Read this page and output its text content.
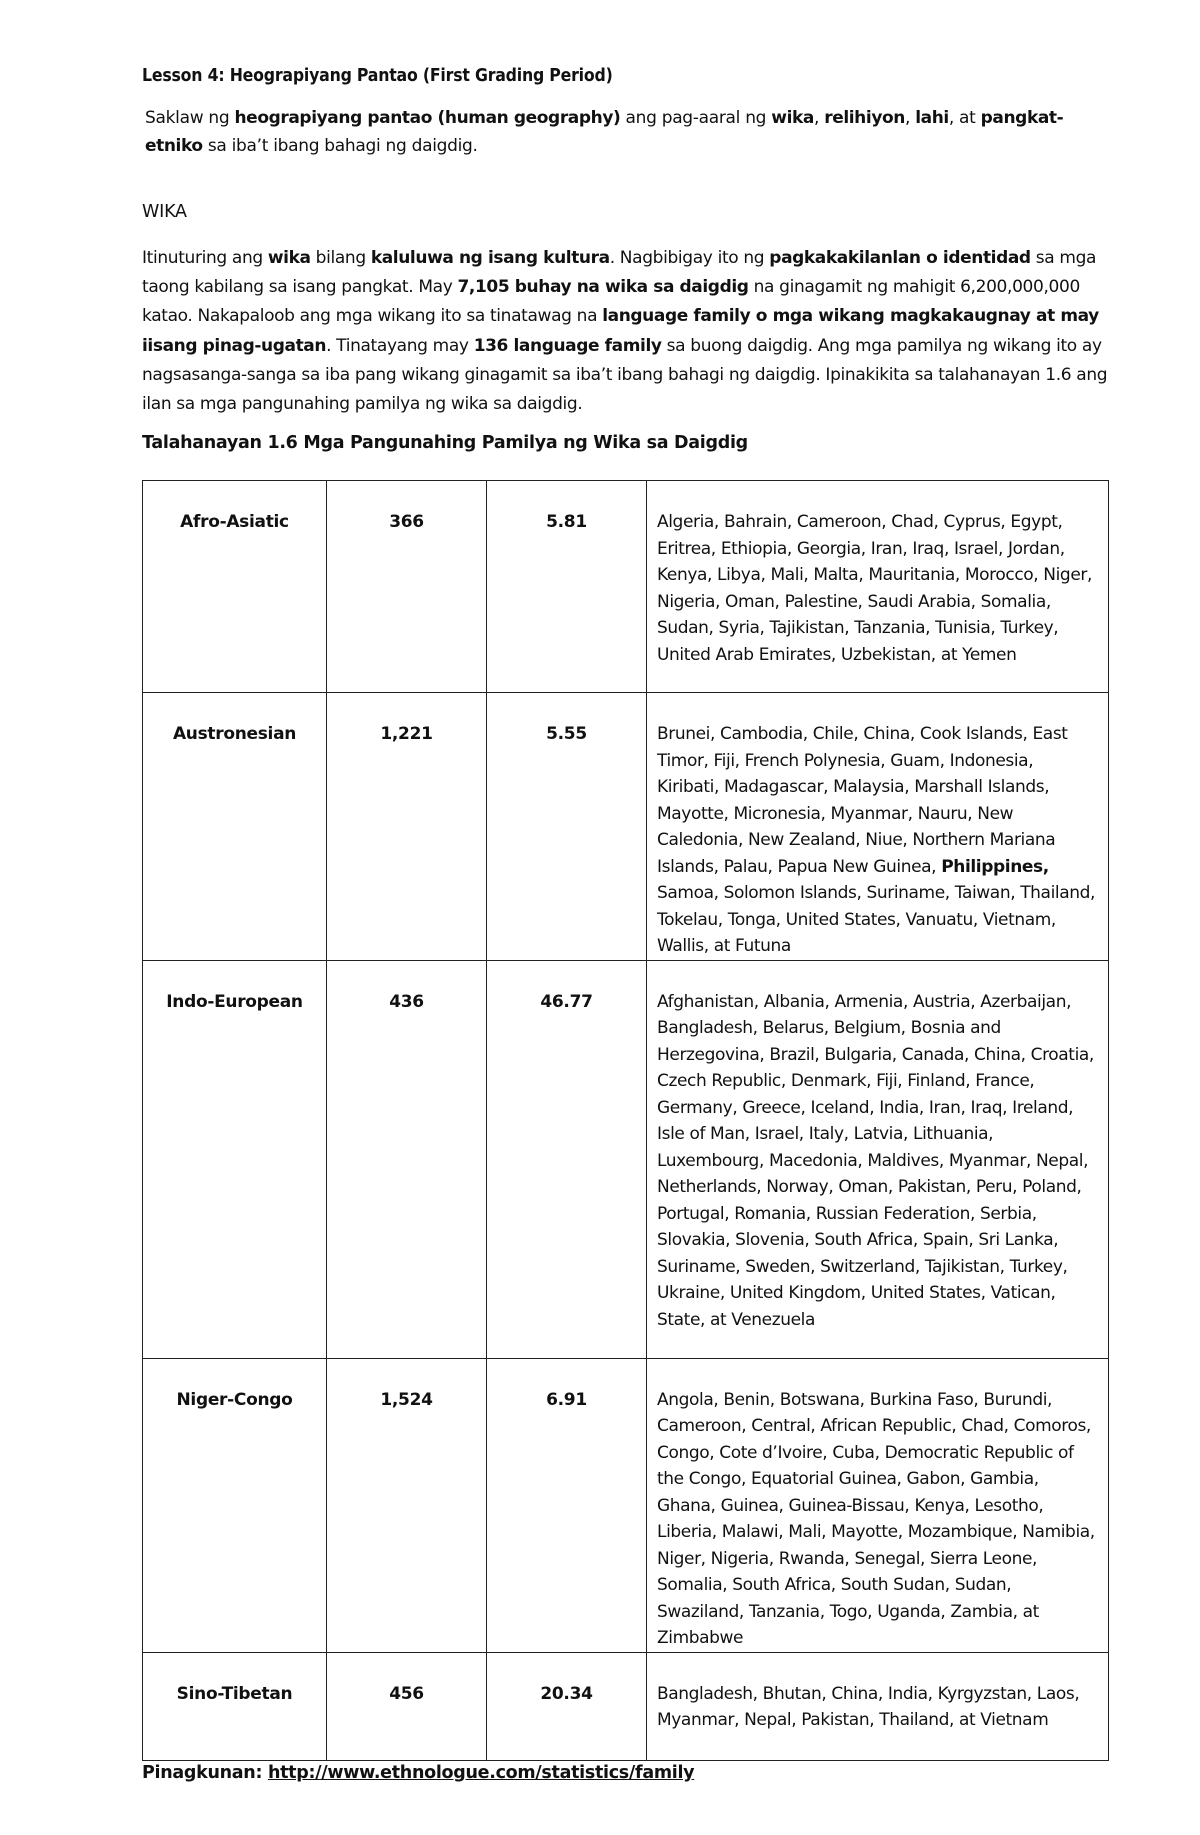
Lesson 4: Heograpiyang Pantao (First Grading Period)

Saklaw ng heograpiyang pantao (human geography) ang pag-aaral ng wika, relihiyon, lahi, at pangkat- etniko sa iba’t ibang bahagi ng daigdig.

WIKA

Itinuturing ang wika bilang kaluluwa ng isang kultura. Nagbibigay ito ng pagkakakilanlan o identidad sa mga taong kabilang sa isang pangkat. May 7,105 buhay na wika sa daigdig na ginagamit ng mahigit 6,200,000,000 katao. Nakapaloob ang mga wikang ito sa tinatawag na language family o mga wikang magkakaugnay at may iisang pinag-ugatan. Tinatayang may 136 language family sa buong daigdig. Ang mga pamilya ng wikang ito ay nagsasanga-sanga sa iba pang wikang ginagamit sa iba’t ibang bahagi ng daigdig. Ipinakikita sa talahanayan 1.6 ang ilan sa mga pangunahing pamilya ng wika sa daigdig.

Talahanayan 1.6 Mga Pangunahing Pamilya ng Wika sa Daigdig

Afro-Asiatic	366	5.81	Algeria, Bahrain, Cameroon, Chad, Cyprus, Egypt, Eritrea, Ethiopia, Georgia, Iran, Iraq, Israel, Jordan, Kenya, Libya, Mali, Malta, Mauritania, Morocco, Niger, Nigeria, Oman, Palestine, Saudi Arabia, Somalia, Sudan, Syria, Tajikistan, Tanzania, Tunisia, Turkey, United Arab Emirates, Uzbekistan, at Yemen
Austronesian	1,221	5.55	Brunei, Cambodia, Chile, China, Cook Islands, East Timor, Fiji, French Polynesia, Guam, Indonesia, Kiribati, Madagascar, Malaysia, Marshall Islands, Mayotte, Micronesia, Myanmar, Nauru, New Caledonia, New Zealand, Niue, Northern Mariana Islands, Palau, Papua New Guinea, Philippines, Samoa, Solomon Islands, Suriname, Taiwan, Thailand, Tokelau, Tonga, United States, Vanuatu, Vietnam, Wallis, at Futuna
Indo-European	436	46.77	Afghanistan, Albania, Armenia, Austria, Azerbaijan, Bangladesh, Belarus, Belgium, Bosnia and Herzegovina, Brazil, Bulgaria, Canada, China, Croatia, Czech Republic, Denmark, Fiji, Finland, France, Germany, Greece, Iceland, India, Iran, Iraq, Ireland, Isle of Man, Israel, Italy, Latvia, Lithuania, Luxembourg, Macedonia, Maldives, Myanmar, Nepal, Netherlands, Norway, Oman, Pakistan, Peru, Poland, Portugal, Romania, Russian Federation, Serbia, Slovakia, Slovenia, South Africa, Spain, Sri Lanka, Suriname, Sweden, Switzerland, Tajikistan, Turkey, Ukraine, United Kingdom, United States, Vatican, State, at Venezuela
Niger-Congo	1,524	6.91	Angola, Benin, Botswana, Burkina Faso, Burundi, Cameroon, Central, African Republic, Chad, Comoros, Congo, Cote d’Ivoire, Cuba, Democratic Republic of the Congo, Equatorial Guinea, Gabon, Gambia, Ghana, Guinea, Guinea-Bissau, Kenya, Lesotho, Liberia, Malawi, Mali, Mayotte, Mozambique, Namibia, Niger, Nigeria, Rwanda, Senegal, Sierra Leone, Somalia, South Africa, South Sudan, Sudan, Swaziland, Tanzania, Togo, Uganda, Zambia, at Zimbabwe
Sino-Tibetan	456	20.34	Bangladesh, Bhutan, China, India, Kyrgyzstan, Laos, Myanmar, Nepal, Pakistan, Thailand, at Vietnam
Pinagkunan: http://www.ethnologue.com/statistics/family
